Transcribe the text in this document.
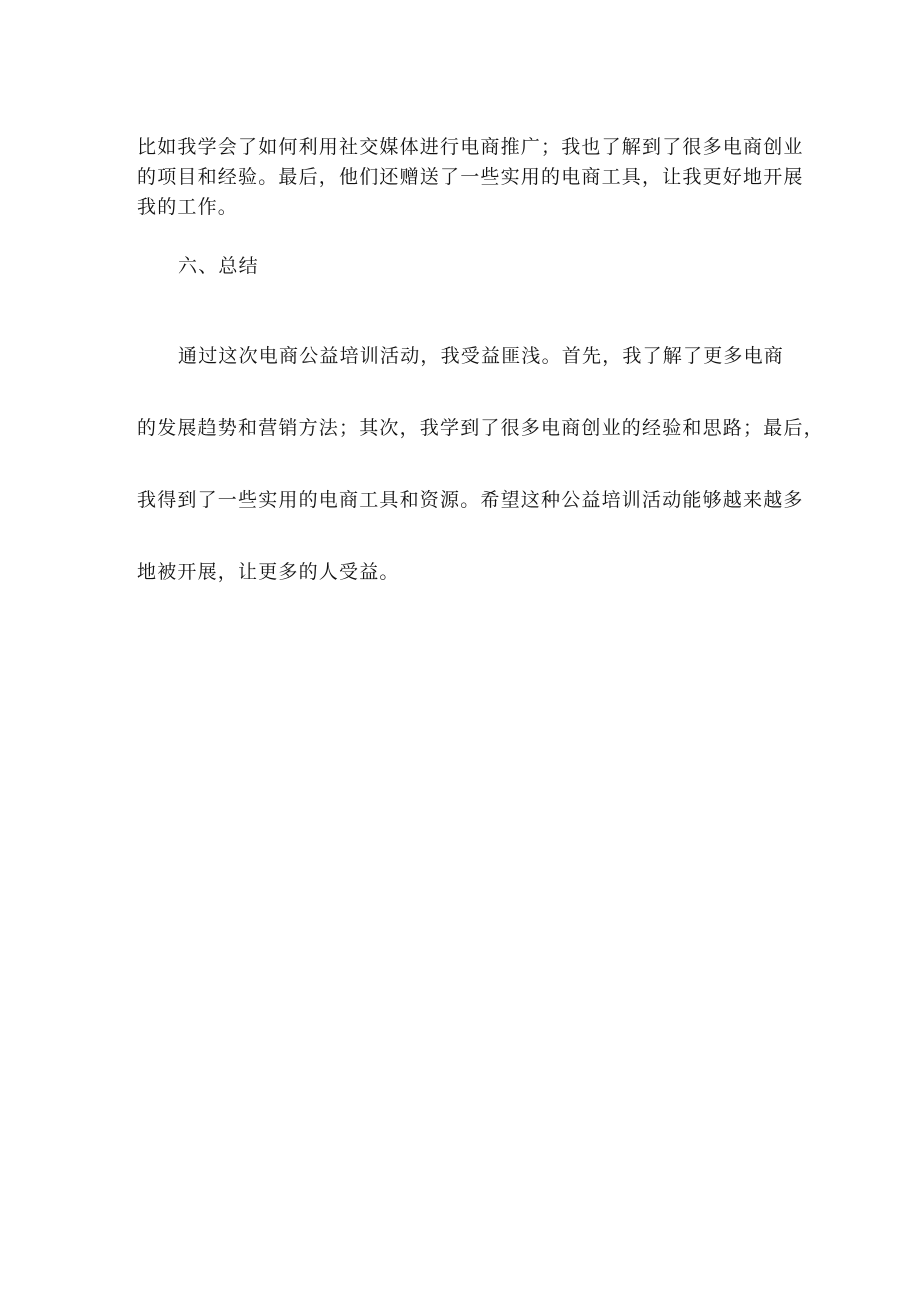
比如我学会了如何利用社交媒体进行电商推广；我也了解到了很多电商创业
的项目和经验。最后，他们还赠送了一些实用的电商工具，让我更好地开展
我的工作。

六、总结

通过这次电商公益培训活动，我受益匪浅。首先，我了解了更多电商
的发展趋势和营销方法；其次，我学到了很多电商创业的经验和思路；最后，
我得到了一些实用的电商工具和资源。希望这种公益培训活动能够越来越多
地被开展，让更多的人受益。
